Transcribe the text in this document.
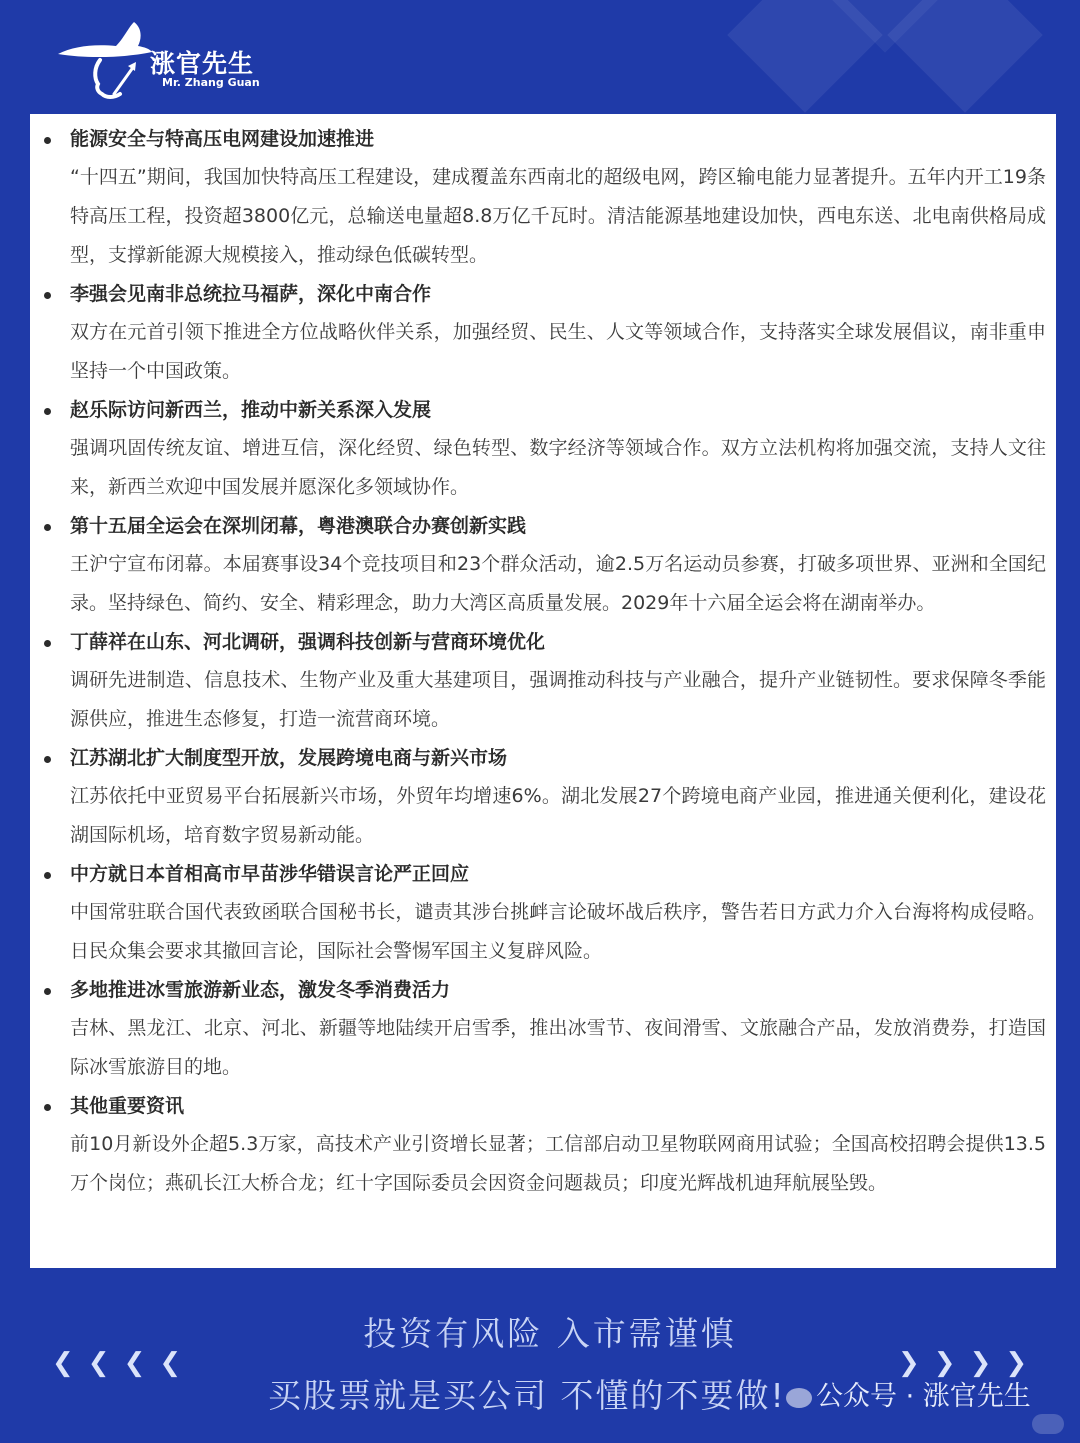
涨官先生
Mr. Zhang Guan
能源安全与特高压电网建设加速推进

“十四五”期间，我国加快特高压工程建设，建成覆盖东西南北的超级电网，跨区输电能力显著提升。五年内开工19条特高压工程，投资超3800亿元，总输送电量超8.8万亿千瓦时。清洁能源基地建设加快，西电东送、北电南供格局成型，支撑新能源大规模接入，推动绿色低碳转型。

李强会见南非总统拉马福萨，深化中南合作

双方在元首引领下推进全方位战略伙伴关系，加强经贸、民生、人文等领域合作，支持落实全球发展倡议，南非重申坚持一个中国政策。

赵乐际访问新西兰，推动中新关系深入发展

强调巩固传统友谊、增进互信，深化经贸、绿色转型、数字经济等领域合作。双方立法机构将加强交流，支持人文往来，新西兰欢迎中国发展并愿深化多领域协作。

第十五届全运会在深圳闭幕，粤港澳联合办赛创新实践

王沪宁宣布闭幕。本届赛事设34个竞技项目和23个群众活动，逾2.5万名运动员参赛，打破多项世界、亚洲和全国纪录。坚持绿色、简约、安全、精彩理念，助力大湾区高质量发展。2029年十六届全运会将在湖南举办。

丁薛祥在山东、河北调研，强调科技创新与营商环境优化

调研先进制造、信息技术、生物产业及重大基建项目，强调推动科技与产业融合，提升产业链韧性。要求保障冬季能源供应，推进生态修复，打造一流营商环境。

江苏湖北扩大制度型开放，发展跨境电商与新兴市场

江苏依托中亚贸易平台拓展新兴市场，外贸年均增速6%。湖北发展27个跨境电商产业园，推进通关便利化，建设花湖国际机场，培育数字贸易新动能。

中方就日本首相高市早苗涉华错误言论严正回应

中国常驻联合国代表致函联合国秘书长，谴责其涉台挑衅言论破坏战后秩序，警告若日方武力介入台海将构成侵略。日民众集会要求其撤回言论，国际社会警惕军国主义复辟风险。

多地推进冰雪旅游新业态，激发冬季消费活力

吉林、黑龙江、北京、河北、新疆等地陆续开启雪季，推出冰雪节、夜间滑雪、文旅融合产品，发放消费券，打造国际冰雪旅游目的地。

其他重要资讯

前10月新设外企超5.3万家，高技术产业引资增长显著；工信部启动卫星物联网商用试验；全国高校招聘会提供13.5万个岗位；燕矶长江大桥合龙；红十字国际委员会因资金问题裁员；印度光辉战机迪拜航展坠毁。

❮❮❮❮	❯❯❯❯
投资有风险 入市需谨慎
买股票就是买公司 不懂的不要做!	公众号 · 涨官先生
